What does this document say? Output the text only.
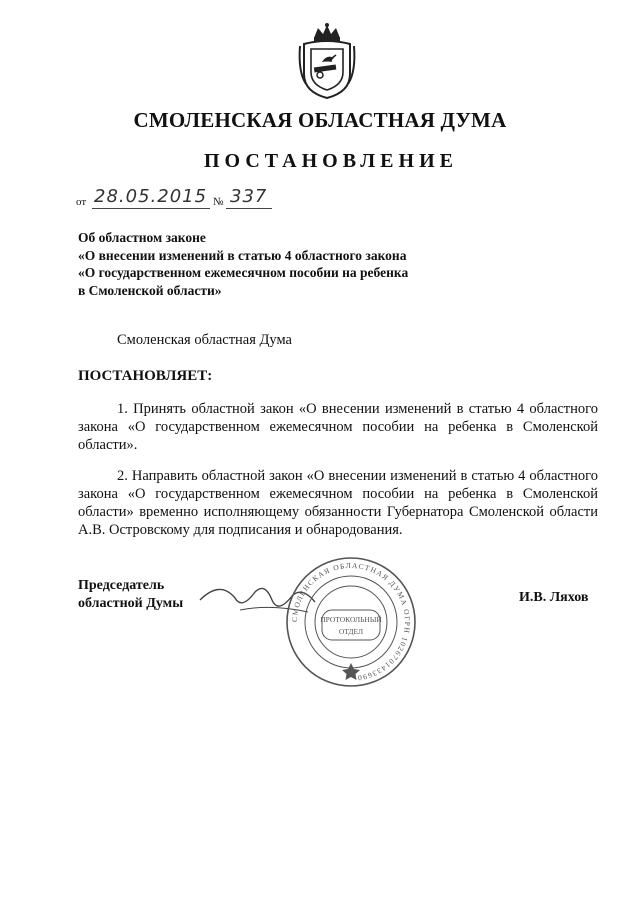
СМОЛЕНСКАЯ ОБЛАСТНАЯ ДУМА
ПОСТАНОВЛЕНИЕ
от 28.05.2015 № 337
Об областном законе
«О внесении изменений в статью 4 областного закона
«О государственном ежемесячном пособии на ребенка
в Смоленской области»
Смоленская областная Дума
ПОСТАНОВЛЯЕТ:
1. Принять областной закон «О внесении изменений в статью 4 областного закона «О государственном ежемесячном пособии на ребенка в Смоленской области».
2. Направить областной закон «О внесении изменений в статью 4 областного закона «О государственном ежемесячном пособии на ребенка в Смоленской области» временно исполняющему обязанности Губернатора Смоленской области А.В. Островскому для подписания и обнародования.
Председатель
областной Думы
СМОЛЕНСКАЯ ОБЛАСТНАЯ ДУМА ОГРН 1026701433690
ПРОТОКОЛЬНЫЙ
ОТДЕЛ
И.В. Ляхов
